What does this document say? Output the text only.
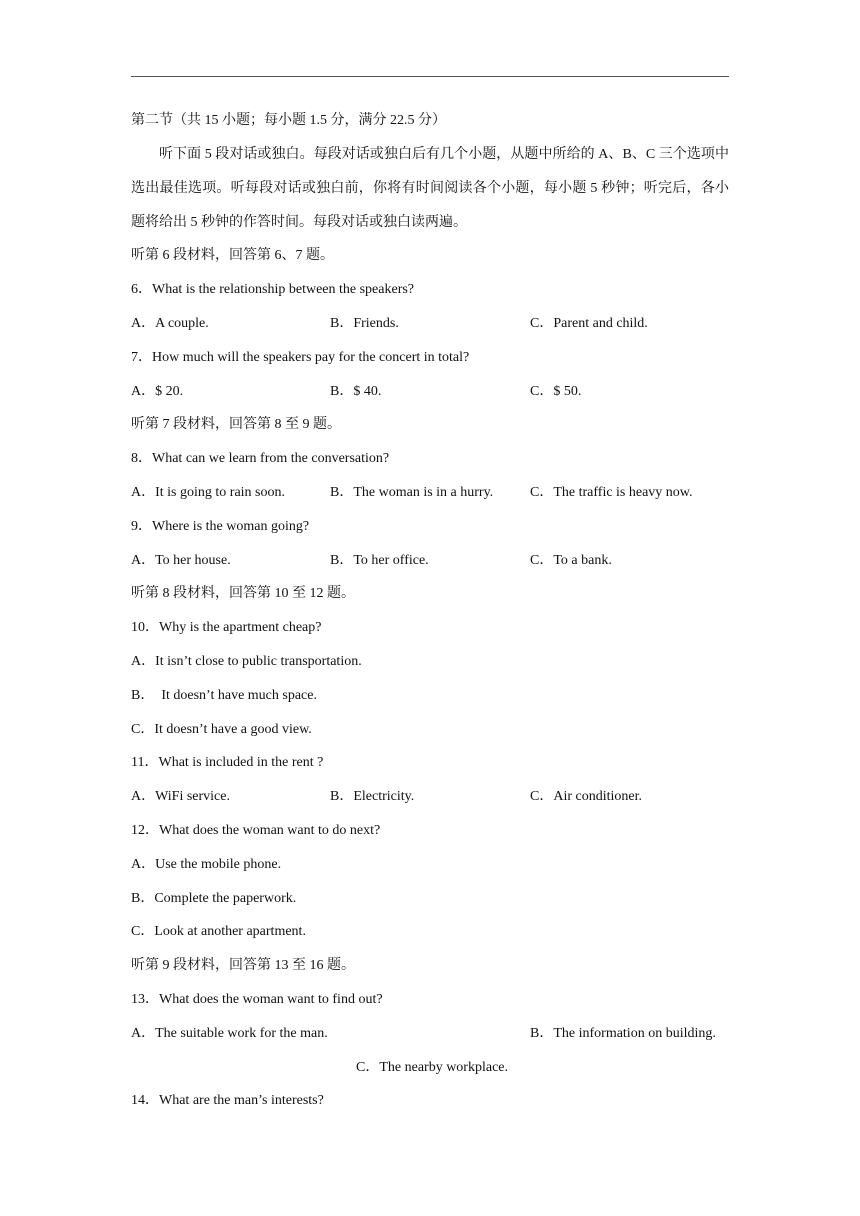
第二节（共 15 小题；每小题 1.5 分，满分 22.5 分）
听下面 5 段对话或独白。每段对话或独白后有几个小题，从题中所给的 A、B、C 三个选项中选出最佳选项。听每段对话或独白前，你将有时间阅读各个小题，每小题 5 秒钟；听完后，各小题将给出 5 秒钟的作答时间。每段对话或独白读两遍。
听第 6 段材料，回答第 6、7 题。
6．What is the relationship between the speakers?
A．A couple.	B．Friends.	C．Parent and child.
7．How much will the speakers pay for the concert in total?
A．$ 20.	B．$ 40.	C．$ 50.
听第 7 段材料，回答第 8 至 9 题。
8．What can we learn from the conversation?
A．It is going to rain soon.	B．The woman is in a hurry.	C．The traffic is heavy now.
9．Where is the woman going?
A．To her house.	B．To her office.	C．To a bank.
听第 8 段材料，回答第 10 至 12 题。
10．Why is the apartment cheap?
A．It isn’t close to public transportation.
B．  It doesn’t have much space.
C．It doesn’t have a good view.
11．What is included in the rent ?
A．WiFi service.	B．Electricity.	C．Air conditioner.
12．What does the woman want to do next?
A．Use the mobile phone.
B．Complete the paperwork.
C．Look at another apartment.
听第 9 段材料，回答第 13 至 16 题。
13．What does the woman want to find out?
A．The suitable work for the man.	B．The information on building.
C．The nearby workplace.
14．What are the man’s interests?
